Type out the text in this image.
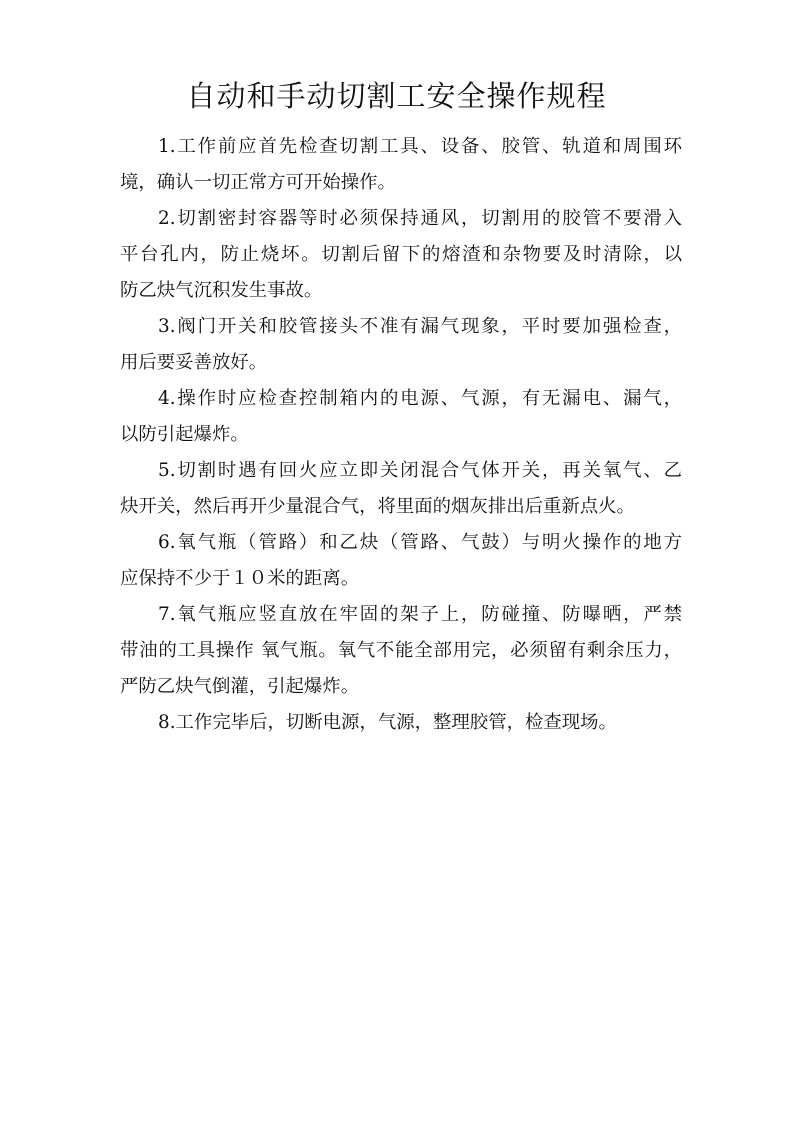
自动和手动切割工安全操作规程
1.工作前应首先检查切割工具、设备、胶管、轨道和周围环
境，确认一切正常方可开始操作。
2.切割密封容器等时必须保持通风，切割用的胶管不要滑入
平台孔内，防止烧坏。切割后留下的熔渣和杂物要及时清除，以
防乙炔气沉积发生事故。
3.阀门开关和胶管接头不准有漏气现象，平时要加强检查，
用后要妥善放好。
4.操作时应检查控制箱内的电源、气源，有无漏电、漏气，
以防引起爆炸。
5.切割时遇有回火应立即关闭混合气体开关，再关氧气、乙
炔开关，然后再开少量混合气，将里面的烟灰排出后重新点火。
6.氧气瓶（管路）和乙炔（管路、气鼓）与明火操作的地方
应保持不少于１０米的距离。
7.氧气瓶应竖直放在牢固的架子上，防碰撞、防曝晒，严禁
带油的工具操作 氧气瓶。氧气不能全部用完，必须留有剩余压力，
严防乙炔气倒灌，引起爆炸。
8.工作完毕后，切断电源，气源，整理胶管，检查现场。
